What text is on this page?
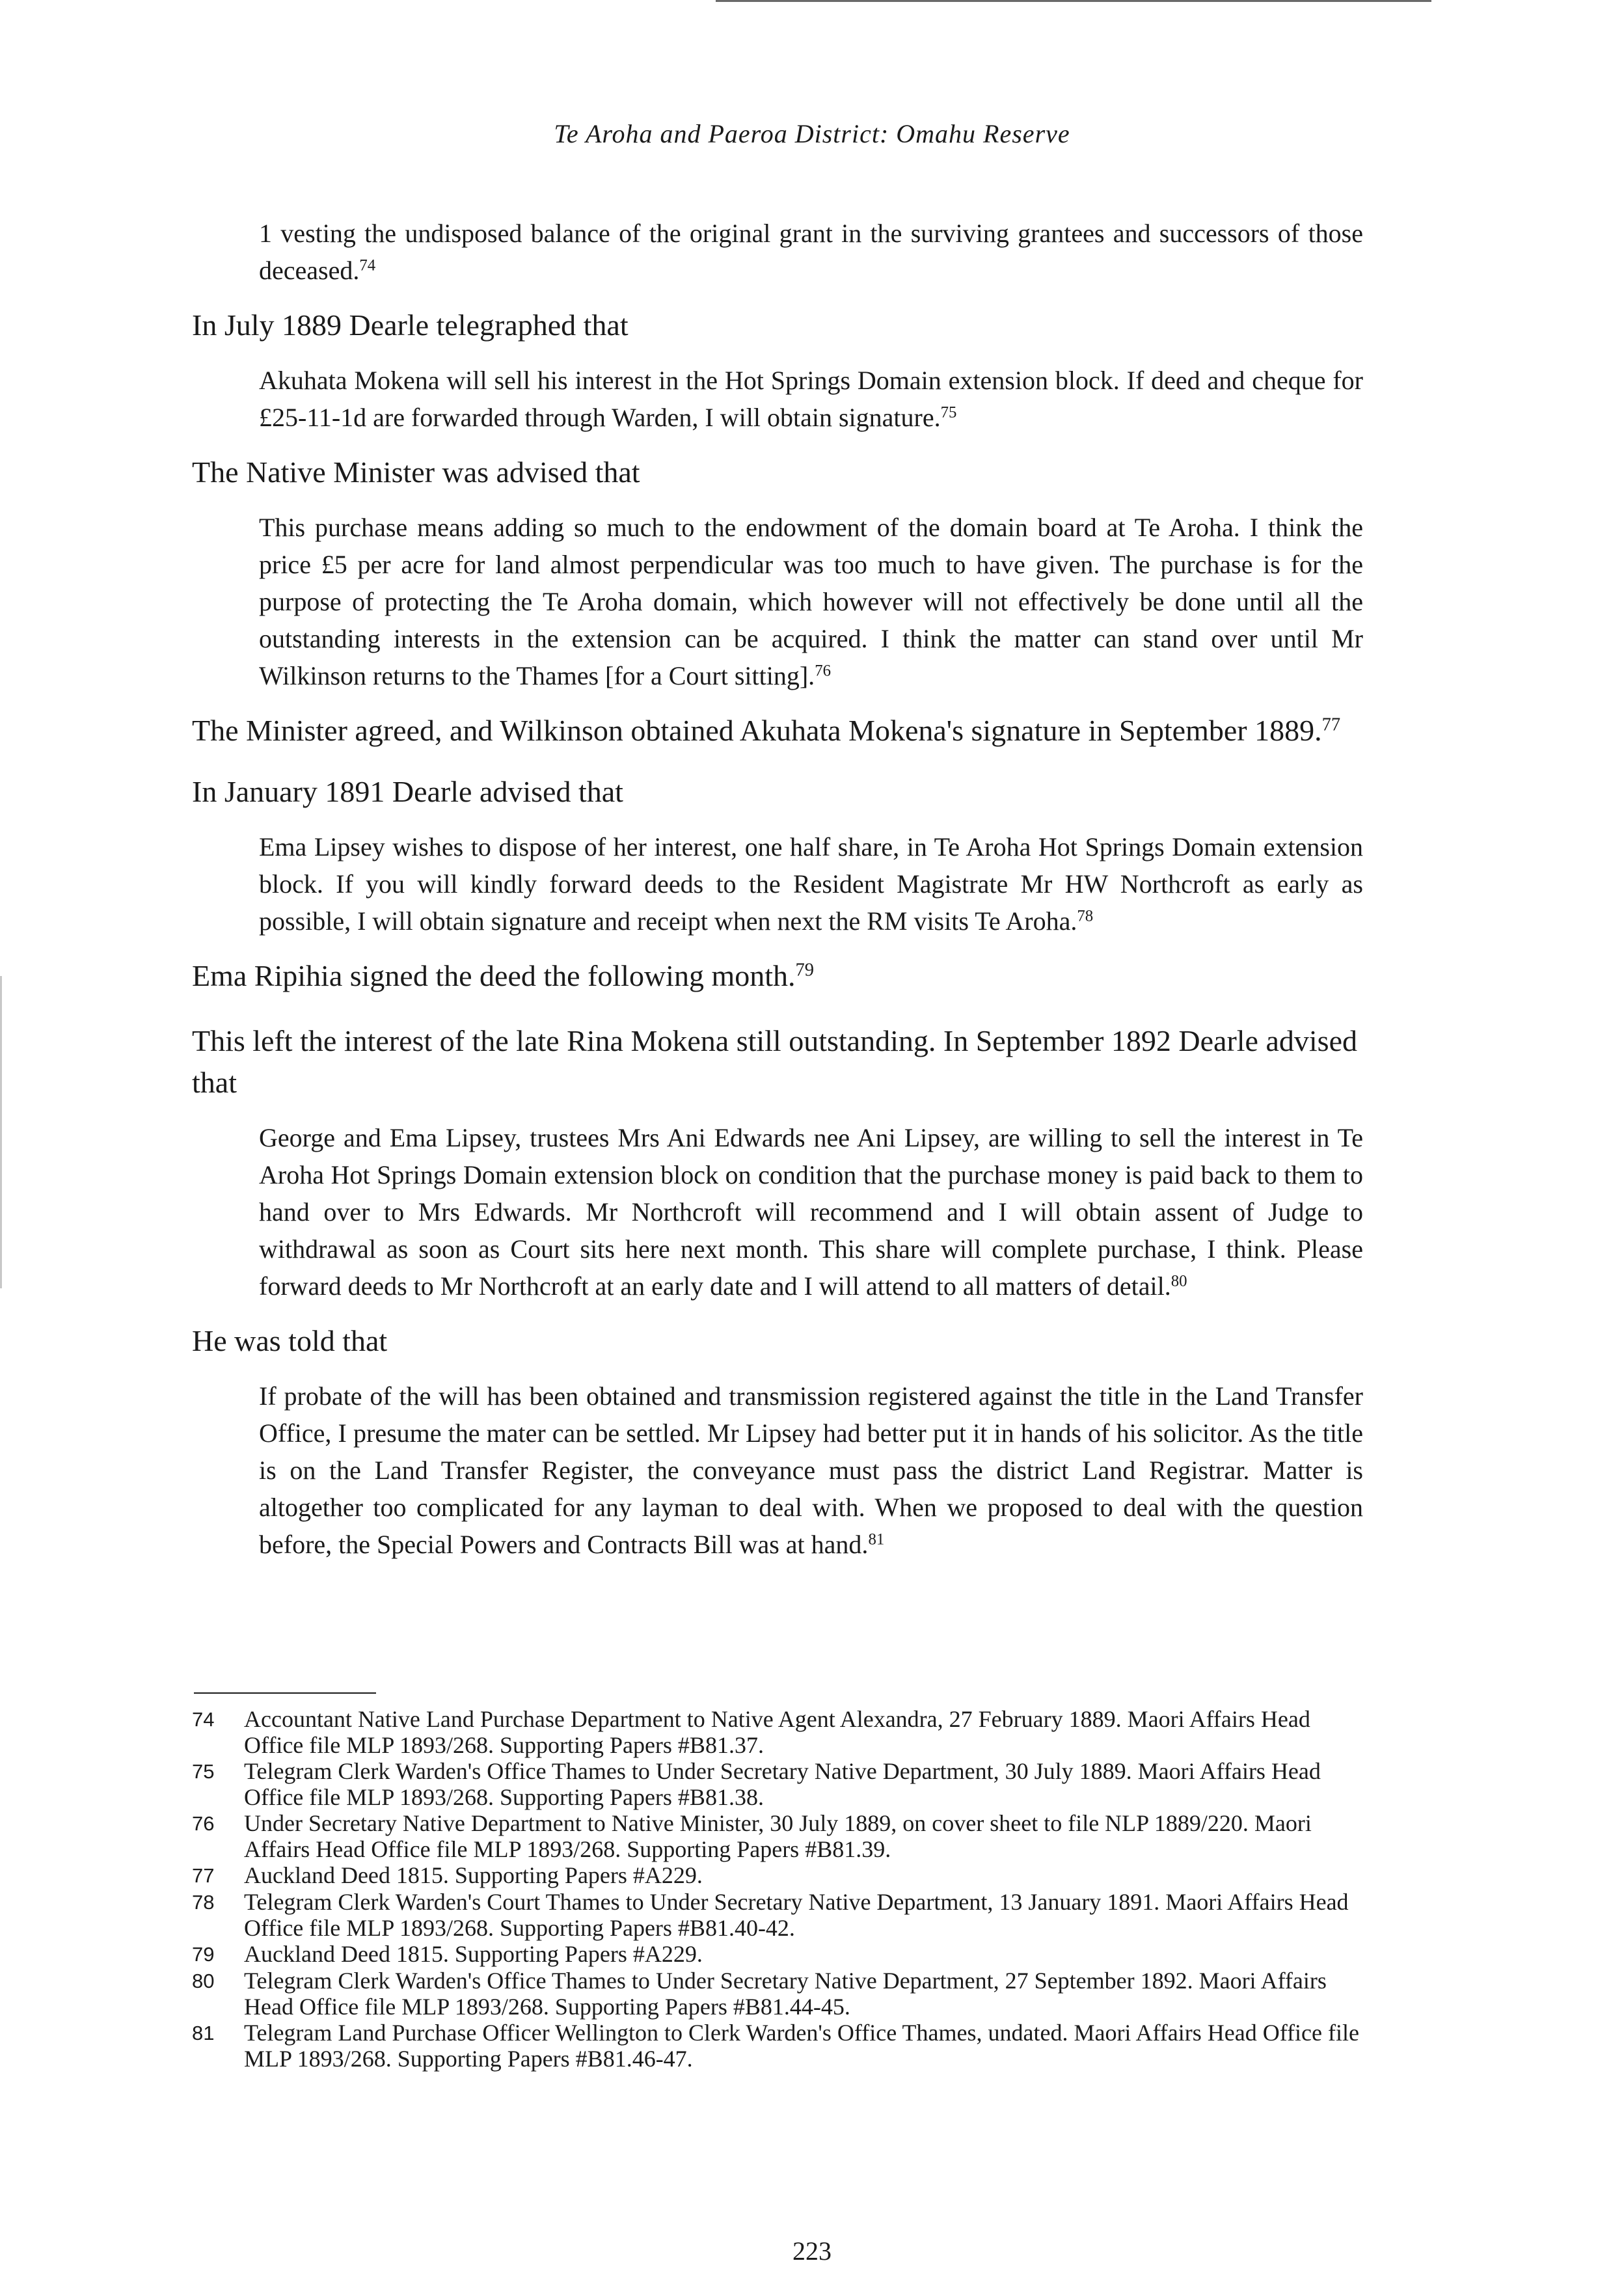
Te Aroha and Paeroa District: Omahu Reserve

1 vesting the undisposed balance of the original grant in the surviving grantees and successors of those deceased.$^{74}$

In July 1889 Dearle telegraphed that

Akuhata Mokena will sell his interest in the Hot Springs Domain extension block. If deed and cheque for £25-11-1d are forwarded through Warden, I will obtain signature.$^{75}$

The Native Minister was advised that

This purchase means adding so much to the endowment of the domain board at Te Aroha. I think the price £5 per acre for land almost perpendicular was too much to have given. The purchase is for the purpose of protecting the Te Aroha domain, which however will not effectively be done until all the outstanding interests in the extension can be acquired. I think the matter can stand over until Mr Wilkinson returns to the Thames [for a Court sitting].$^{76}$

The Minister agreed, and Wilkinson obtained Akuhata Mokena's signature in September 1889.77

In January 1891 Dearle advised that

Ema Lipsey wishes to dispose of her interest, one half share, in Te Aroha Hot Springs Domain extension block. If you will kindly forward deeds to the Resident Magistrate Mr HW Northcroft as early as possible, I will obtain signature and receipt when next the RM visits Te Aroha.$^{78}$

Ema Ripihia signed the deed the following month.$^{79}$

This left the interest of the late Rina Mokena still outstanding. In September 1892 Dearle advised that

George and Ema Lipsey, trustees Mrs Ani Edwards nee Ani Lipsey, are willing to sell the interest in Te Aroha Hot Springs Domain extension block on condition that the purchase money is paid back to them to hand over to Mrs Edwards. Mr Northcroft will recommend and I will obtain assent of Judge to withdrawal as soon as Court sits here next month. This share will complete purchase, I think. Please forward deeds to Mr Northcroft at an early date and I will attend to all matters of detail.$^{80}$

He was told that

If probate of the will has been obtained and transmission registered against the title in the Land Transfer Office, I presume the mater can be settled. Mr Lipsey had better put it in hands of his solicitor. As the title is on the Land Transfer Register, the conveyance must pass the district Land Registrar. Matter is altogether too complicated for any layman to deal with. When we proposed to deal with the question before, the Special Powers and Contracts Bill was at hand.$^{81}$

74	Accountant Native Land Purchase Department to Native Agent Alexandra, 27 February 1889. Maori Affairs Head Office file MLP 1893/268. Supporting Papers #B81.37.
75	Telegram Clerk Warden's Office Thames to Under Secretary Native Department, 30 July 1889. Maori Affairs Head Office file MLP 1893/268. Supporting Papers #B81.38.
76	Under Secretary Native Department to Native Minister, 30 July 1889, on cover sheet to file NLP 1889/220. Maori Affairs Head Office file MLP 1893/268. Supporting Papers #B81.39.
77	Auckland Deed 1815. Supporting Papers #A229.
78	Telegram Clerk Warden's Court Thames to Under Secretary Native Department, 13 January 1891. Maori Affairs Head Office file MLP 1893/268. Supporting Papers #B81.40-42.
79	Auckland Deed 1815. Supporting Papers #A229.
80	Telegram Clerk Warden's Office Thames to Under Secretary Native Department, 27 September 1892. Maori Affairs Head Office file MLP 1893/268. Supporting Papers #B81.44-45.
81	Telegram Land Purchase Officer Wellington to Clerk Warden's Office Thames, undated. Maori Affairs Head Office file MLP 1893/268. Supporting Papers #B81.46-47.
223
